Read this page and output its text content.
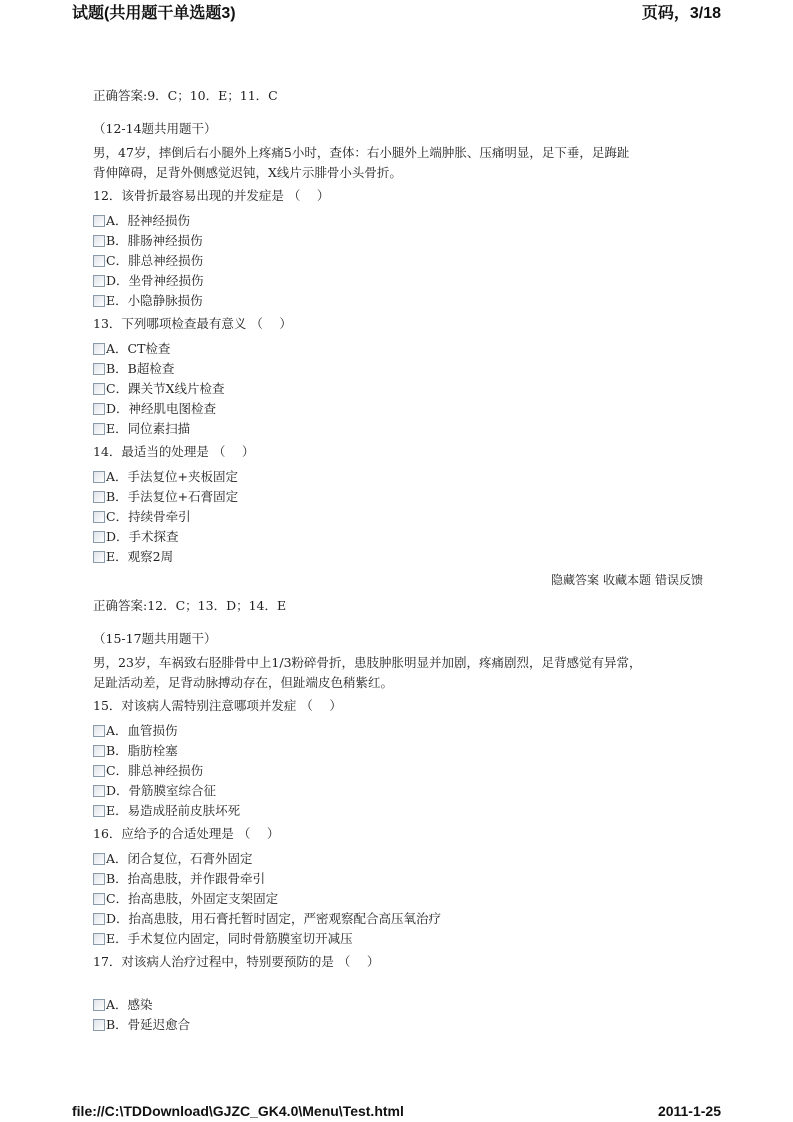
试题(共用题干单选题3)	页码，3/18
正确答案:9．C；10．E；11．C
（12-14题共用题干）
男，47岁，摔倒后右小腿外上疼痛5小时，查体：右小腿外上端肿胀、压痛明显，足下垂，足踇趾
背伸障碍，足背外侧感觉迟钝，X线片示腓骨小头骨折。
12．该骨折最容易出现的并发症是 （　 ）
A．胫神经损伤
B．腓肠神经损伤
C．腓总神经损伤
D．坐骨神经损伤
E．小隐静脉损伤
13．下列哪项检查最有意义 （　 ）
A．CT检查
B．B超检查
C．踝关节X线片检查
D．神经肌电图检查
E．同位素扫描
14．最适当的处理是 （　 ）
A．手法复位+夹板固定
B．手法复位+石膏固定
C．持续骨牵引
D．手术探查
E．观察2周
隐藏答案 收藏本题 错误反馈
正确答案:12．C；13．D；14．E
（15-17题共用题干）
男，23岁，车祸致右胫腓骨中上1/3粉碎骨折，患肢肿胀明显并加剧，疼痛剧烈，足背感觉有异常，
足趾活动差，足背动脉搏动存在，但趾端皮色稍紫红。
15．对该病人需特别注意哪项并发症 （　 ）
A．血管损伤
B．脂肪栓塞
C．腓总神经损伤
D．骨筋膜室综合征
E．易造成胫前皮肤坏死
16．应给予的合适处理是 （　 ）
A．闭合复位，石膏外固定
B．抬高患肢，并作跟骨牵引
C．抬高患肢，外固定支架固定
D．抬高患肢，用石膏托暂时固定，严密观察配合高压氧治疗
E．手术复位内固定，同时骨筋膜室切开减压
17．对该病人治疗过程中，特别要预防的是 （　 ）
A．感染
B．骨延迟愈合
file://C:\TDDownload\GJZC_GK4.0\Menu\Test.html	2011-1-25
